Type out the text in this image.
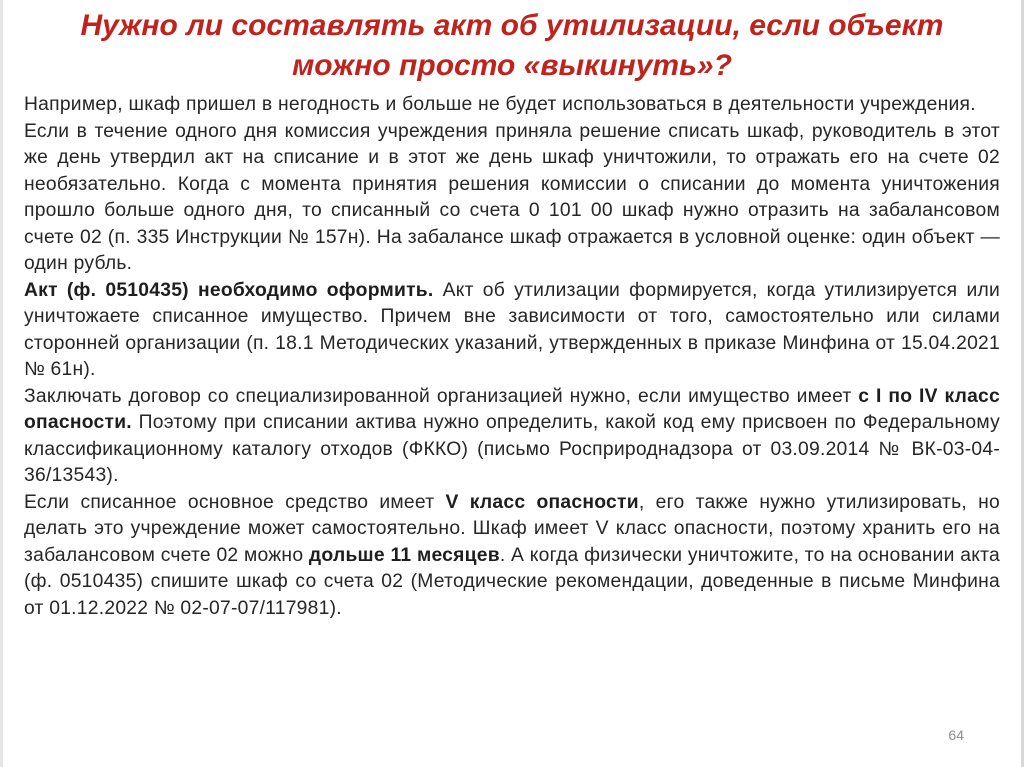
Нужно ли составлять акт об утилизации, если объект можно просто «выкинуть»?

Например, шкаф пришел в негодность и больше не будет использоваться в деятельности учреждения.

Если в течение одного дня комиссия учреждения приняла решение списать шкаф, руководитель в этот же день утвердил акт на списание и в этот же день шкаф уничтожили, то отражать его на счете 02 необязательно. Когда с момента принятия решения комиссии о списании до момента уничтожения прошло больше одного дня, то списанный со счета 0 101 00 шкаф нужно отразить на забалансовом счете 02 (п. 335 Инструкции № 157н). На забалансе шкаф отражается в условной оценке: один объект — один рубль.

Акт (ф. 0510435) необходимо оформить. Акт об утилизации формируется, когда утилизируется или уничтожаете списанное имущество. Причем вне зависимости от того, самостоятельно или силами сторонней организации (п. 18.1 Методических указаний, утвержденных в приказе Минфина от 15.04.2021 № 61н).

Заключать договор со специализированной организацией нужно, если имущество имеет с I по IV класс опасности. Поэтому при списании актива нужно определить, какой код ему присвоен по Федеральному классификационному каталогу отходов (ФККО) (письмо Росприроднадзора от 03.09.2014 № ВК-03-04-36/13543).

Если списанное основное средство имеет V класс опасности, его также нужно утилизировать, но делать это учреждение может самостоятельно. Шкаф имеет V класс опасности, поэтому хранить его на забалансовом счете 02 можно дольше 11 месяцев. А когда физически уничтожите, то на основании акта (ф. 0510435) спишите шкаф со счета 02 (Методические рекомендации, доведенные в письме Минфина от 01.12.2022 № 02-07-07/117981).

64
